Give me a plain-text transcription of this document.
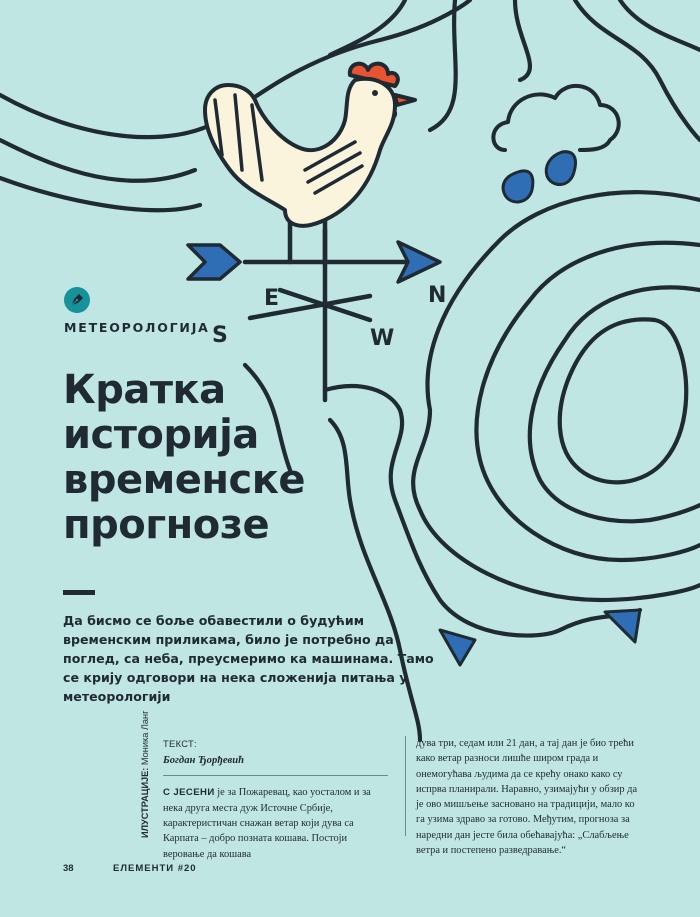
N
E
S	W
МЕТЕОРОЛОГИЈА
Кратка
историја
временске
прогнозе
Да бисмо се боље обавестили о будућим временским приликама, било је потребно да поглед, са неба, преусмеримо ка машинама. Тамо се крију одговори на нека сложенија питања у метеорологији
ИЛУСТРАЦИЈЕ: Моника Ланг ТЕКСТ:
Богдан Ђорђевић
С ЈЕСЕНИ је за Пожаревац, као уосталом и за нека друга места дуж Источне Србије, карактеристичан снажан ветар који дува са Карпата – добро позната кошава. Постоји веровање да кошава
дува три, седам или 21 дан, а тај дан је био трећи како ветар разноси лишће широм града и онемогућава људима да се крећу онако како су испрва планирали. Наравно, узимајући у обзир да је ово мишљење засновано на традицији, мало ко га узима здраво за готово. Међутим, прогноза за наредни дан јесте била обећавајућа: „Слабљење ветра и постепено разведравање.“
38	ЕЛЕМЕНТИ #20
